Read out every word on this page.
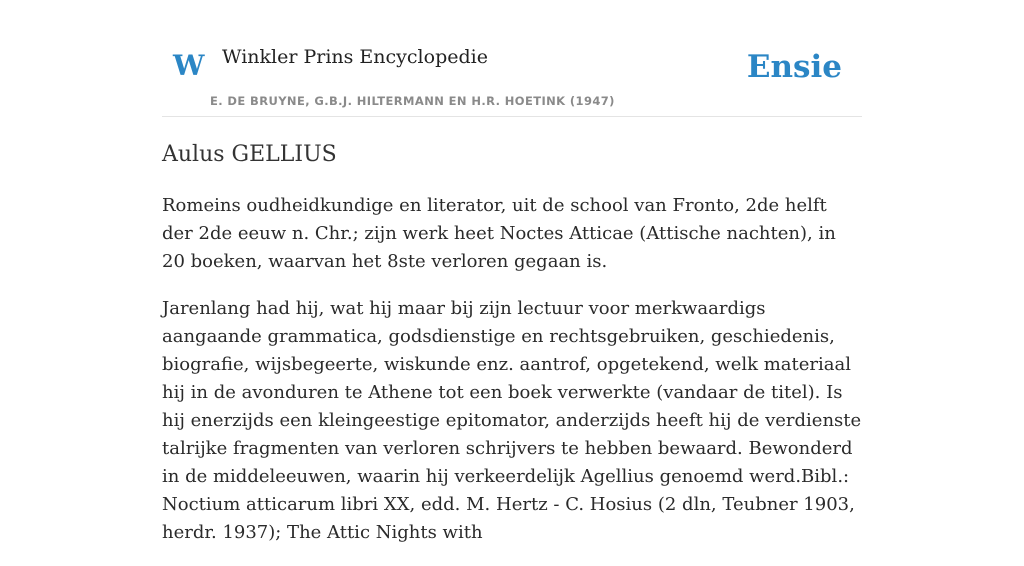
W Winkler Prins Encyclopedie
E. DE BRUYNE, G.B.J. HILTERMANN EN H.R. HOETINK (1947)
Ensie
Aulus GELLIUS

Romeins oudheidkundige en literator, uit de school van Fronto, 2de helft der 2de eeuw n. Chr.; zijn werk heet Noctes Atticae (Attische nachten), in 20 boeken, waarvan het 8ste verloren gegaan is.

Jarenlang had hij, wat hij maar bij zijn lectuur voor merkwaardigs aangaande grammatica, godsdienstige en rechtsgebruiken, geschiedenis, biografie, wijsbegeerte, wiskunde enz. aantrof, opgetekend, welk materiaal hij in de avonduren te Athene tot een boek verwerkte (vandaar de titel). Is hij enerzijds een kleingeestige epitomator, anderzijds heeft hij de verdienste talrijke fragmenten van verloren schrijvers te hebben bewaard. Bewonderd in de middeleeuwen, waarin hij verkeerdelijk Agellius genoemd werd.Bibl.: Noctium atticarum libri XX, edd. M. Hertz - C. Hosius (2 dln, Teubner 1903, herdr. 1937); The Attic Nights with
